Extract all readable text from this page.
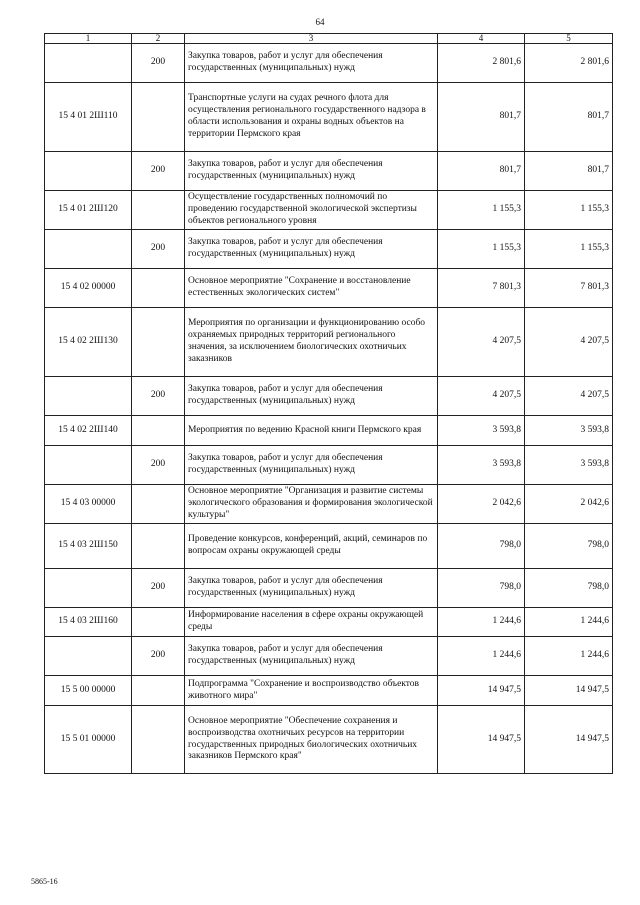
64
1	2	3	4	5
	200	Закупка товаров, работ и услуг для обеспечения государственных (муниципальных) нужд	2 801,6	2 801,6
15 4 01 2Ш110		Транспортные услуги на судах речного флота для осуществления регионального государственного надзора в области использования и охраны водных объектов на территории Пермского края	801,7	801,7
	200	Закупка товаров, работ и услуг для обеспечения государственных (муниципальных) нужд	801,7	801,7
15 4 01 2Ш120		Осуществление государственных полномочий по проведению государственной экологической экспертизы объектов регионального уровня	1 155,3	1 155,3
	200	Закупка товаров, работ и услуг для обеспечения государственных (муниципальных) нужд	1 155,3	1 155,3
15 4 02 00000		Основное мероприятие "Сохранение и восстановление естественных экологических систем"	7 801,3	7 801,3
15 4 02 2Ш130		Мероприятия по организации и функционированию особо охраняемых природных территорий регионального значения, за исключением биологических охотничьих заказников	4 207,5	4 207,5
	200	Закупка товаров, работ и услуг для обеспечения государственных (муниципальных) нужд	4 207,5	4 207,5
15 4 02 2Ш140		Мероприятия по ведению Красной книги Пермского края	3 593,8	3 593,8
	200	Закупка товаров, работ и услуг для обеспечения государственных (муниципальных) нужд	3 593,8	3 593,8
15 4 03 00000		Основное мероприятие "Организация и развитие системы экологического образования и формирования экологической культуры"	2 042,6	2 042,6
15 4 03 2Ш150		Проведение конкурсов, конференций, акций, семинаров по вопросам охраны окружающей среды	798,0	798,0
	200	Закупка товаров, работ и услуг для обеспечения государственных (муниципальных) нужд	798,0	798,0
15 4 03 2Ш160		Информирование населения в сфере охраны окружающей среды	1 244,6	1 244,6
	200	Закупка товаров, работ и услуг для обеспечения государственных (муниципальных) нужд	1 244,6	1 244,6
15 5 00 00000		Подпрограмма "Сохранение и воспроизводство объектов животного мира"	14 947,5	14 947,5
15 5 01 00000		Основное мероприятие "Обеспечение сохранения и воспроизводства охотничьих ресурсов на территории государственных природных биологических охотничьих заказников Пермского края"	14 947,5	14 947,5
5865-16
